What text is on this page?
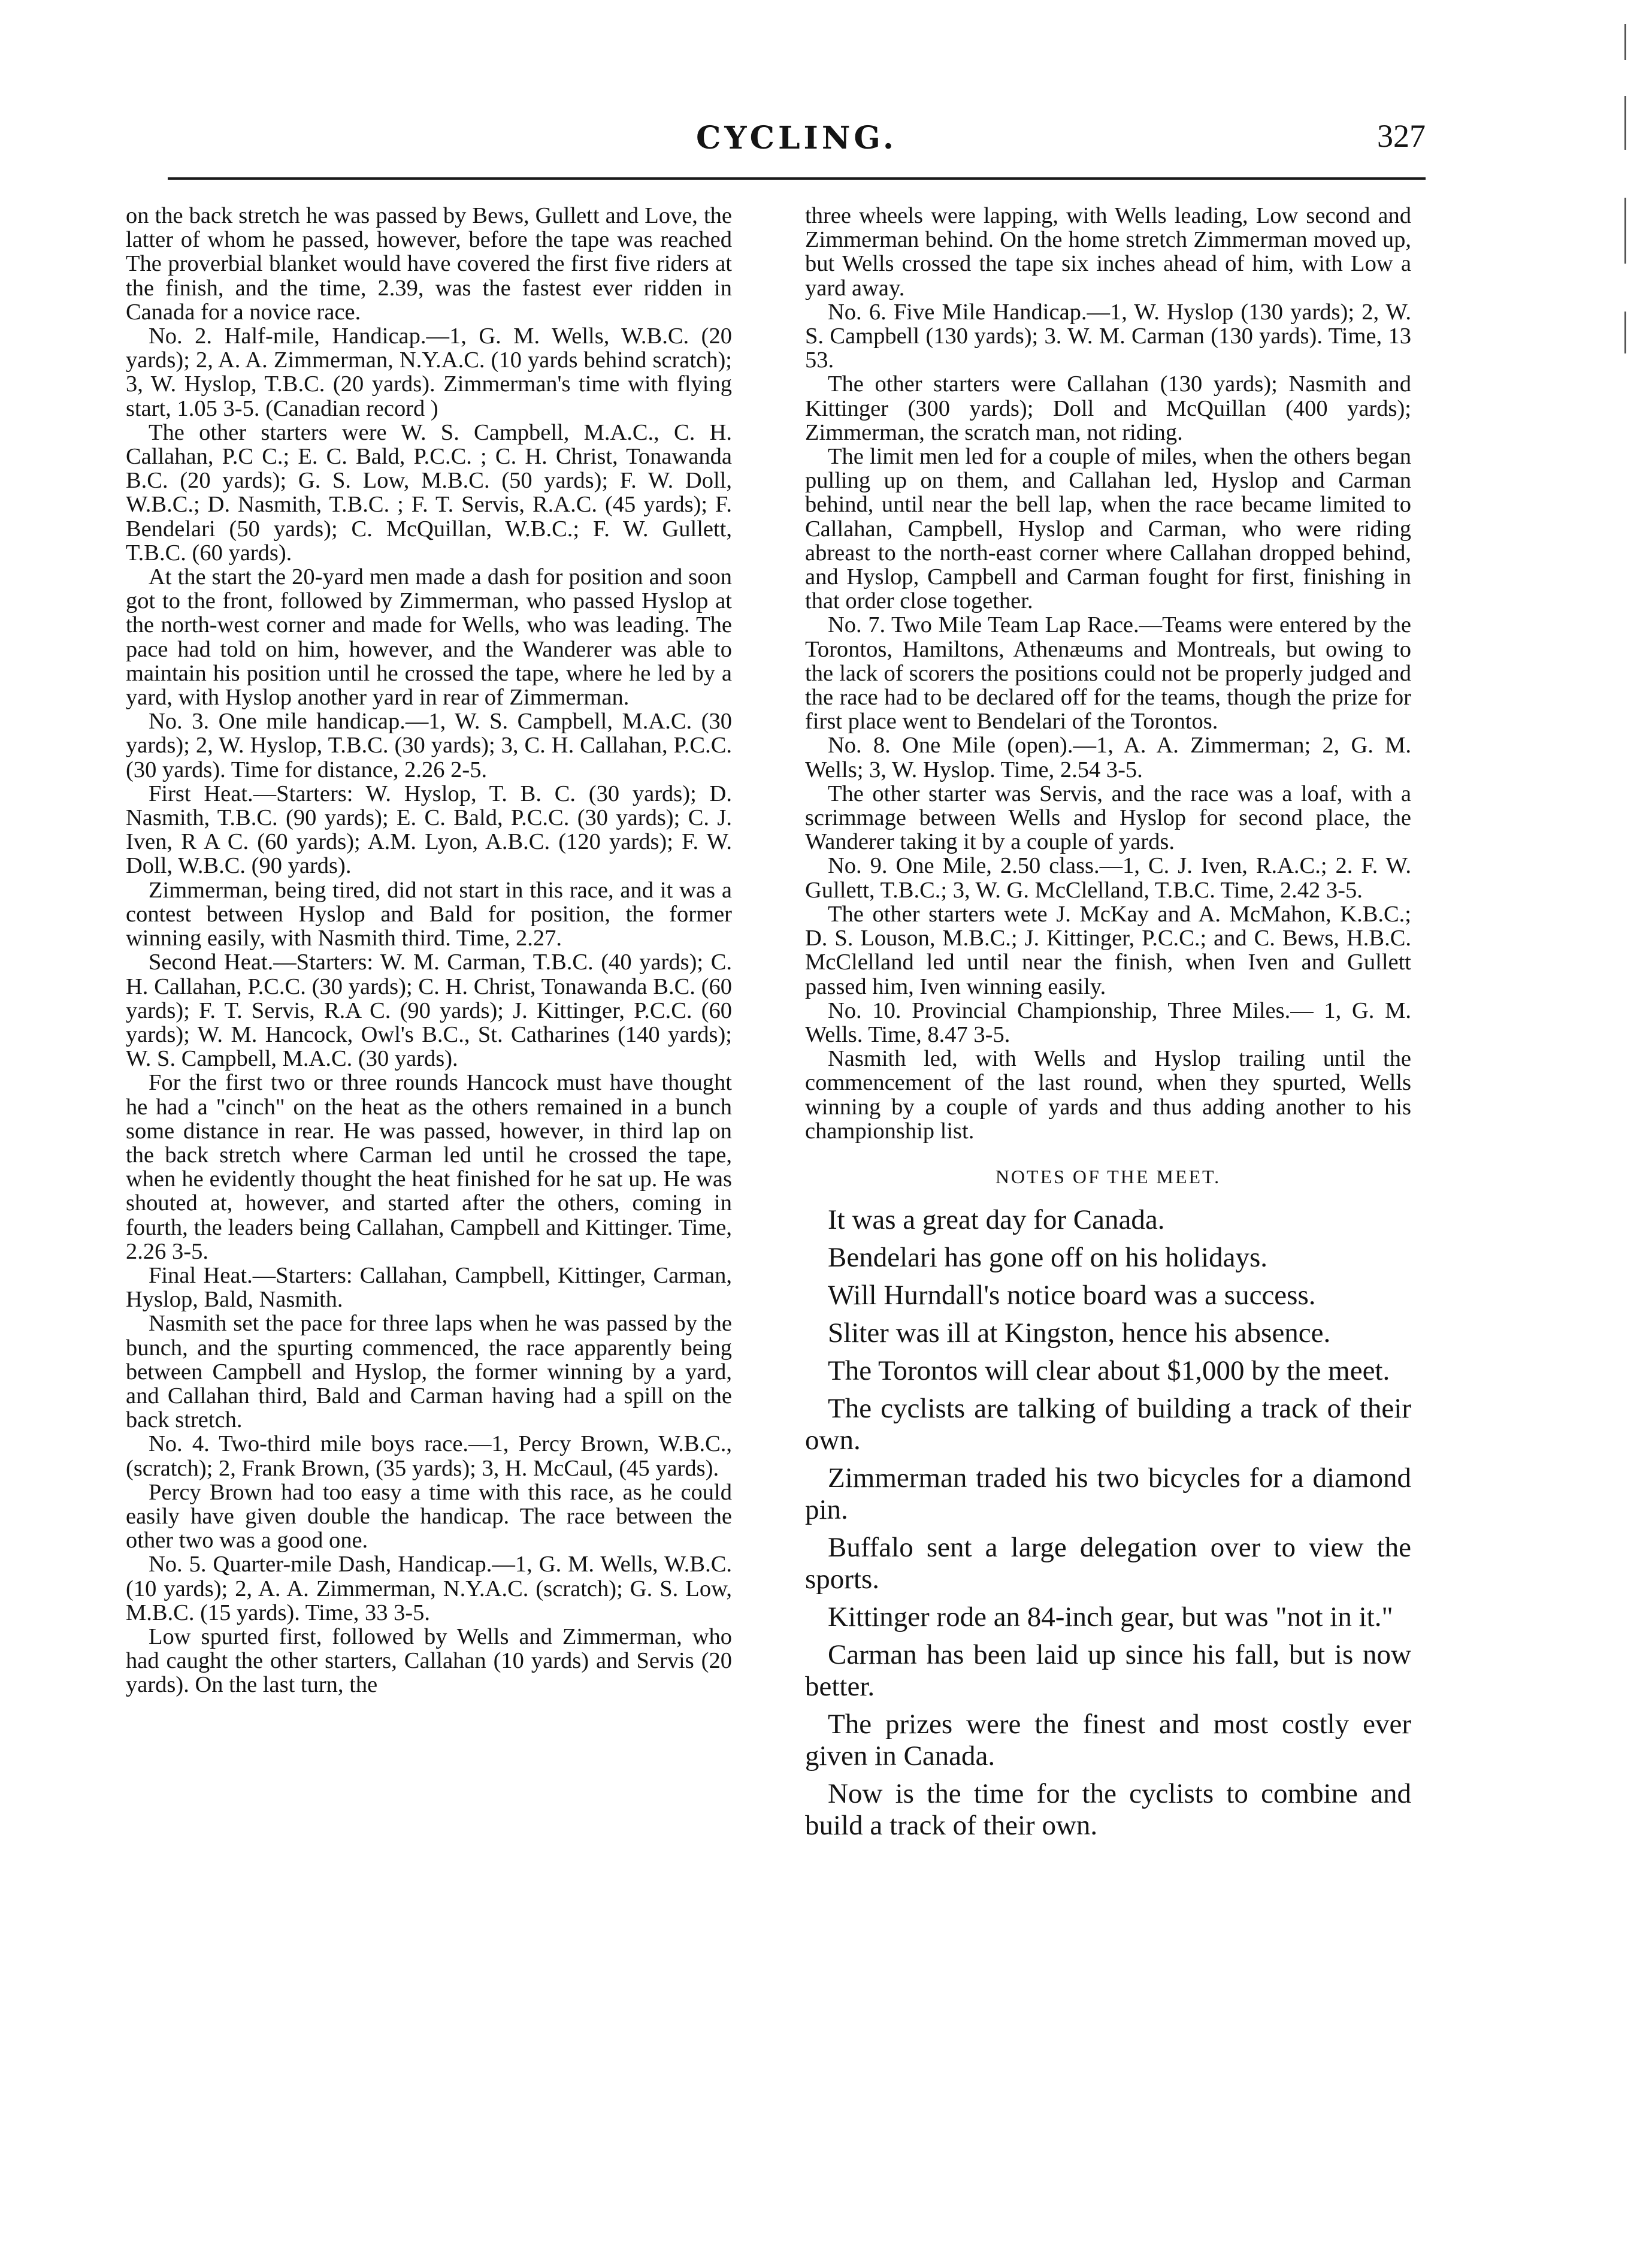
CYCLING.	327

on the back stretch he was passed by Bews, Gullett and Love, the latter of whom he passed, however, before the tape was reached The proverbial blanket would have covered the first five riders at the finish, and the time, 2.39, was the fastest ever ridden in Canada for a novice race.

No. 2. Half-mile, Handicap.—1, G. M. Wells, W.B.C. (20 yards); 2, A. A. Zimmerman, N.Y.A.C. (10 yards behind scratch); 3, W. Hyslop, T.B.C. (20 yards). Zimmerman's time with flying start, 1.05 3-5. (Canadian record )

The other starters were W. S. Campbell, M.A.C., C. H. Callahan, P.C C.; E. C. Bald, P.C.C. ; C. H. Christ, Tonawanda B.C. (20 yards); G. S. Low, M.B.C. (50 yards); F. W. Doll, W.B.C.; D. Nasmith, T.B.C. ; F. T. Servis, R.A.C. (45 yards); F. Bendelari (50 yards); C. McQuillan, W.B.C.; F. W. Gullett, T.B.C. (60 yards).

At the start the 20-yard men made a dash for position and soon got to the front, followed by Zimmerman, who passed Hyslop at the north-west corner and made for Wells, who was leading. The pace had told on him, however, and the Wanderer was able to maintain his position until he crossed the tape, where he led by a yard, with Hyslop another yard in rear of Zimmerman.

No. 3. One mile handicap.—1, W. S. Campbell, M.A.C. (30 yards); 2, W. Hyslop, T.B.C. (30 yards); 3, C. H. Callahan, P.C.C. (30 yards). Time for distance, 2.26 2-5.

First Heat.—Starters: W. Hyslop, T. B. C. (30 yards); D. Nasmith, T.B.C. (90 yards); E. C. Bald, P.C.C. (30 yards); C. J. Iven, R A C. (60 yards); A.M. Lyon, A.B.C. (120 yards); F. W. Doll, W.B.C. (90 yards).

Zimmerman, being tired, did not start in this race, and it was a contest between Hyslop and Bald for position, the former winning easily, with Nasmith third. Time, 2.27.

Second Heat.—Starters: W. M. Carman, T.B.C. (40 yards); C. H. Callahan, P.C.C. (30 yards); C. H. Christ, Tonawanda B.C. (60 yards); F. T. Servis, R.A C. (90 yards); J. Kittinger, P.C.C. (60 yards); W. M. Hancock, Owl's B.C., St. Catharines (140 yards); W. S. Campbell, M.A.C. (30 yards).

For the first two or three rounds Hancock must have thought he had a "cinch" on the heat as the others remained in a bunch some distance in rear. He was passed, however, in third lap on the back stretch where Carman led until he crossed the tape, when he evidently thought the heat finished for he sat up. He was shouted at, however, and started after the others, coming in fourth, the leaders being Callahan, Campbell and Kittinger. Time, 2.26 3-5.

Final Heat.—Starters: Callahan, Campbell, Kittinger, Carman, Hyslop, Bald, Nasmith.

Nasmith set the pace for three laps when he was passed by the bunch, and the spurting commenced, the race apparently being between Campbell and Hyslop, the former winning by a yard, and Callahan third, Bald and Carman having had a spill on the back stretch.

No. 4. Two-third mile boys race.—1, Percy Brown, W.B.C., (scratch); 2, Frank Brown, (35 yards); 3, H. McCaul, (45 yards).

Percy Brown had too easy a time with this race, as he could easily have given double the handicap. The race between the other two was a good one.

No. 5. Quarter-mile Dash, Handicap.—1, G. M. Wells, W.B.C. (10 yards); 2, A. A. Zimmerman, N.Y.A.C. (scratch); G. S. Low, M.B.C. (15 yards). Time, 33 3-5.

Low spurted first, followed by Wells and Zimmerman, who had caught the other starters, Callahan (10 yards) and Servis (20 yards). On the last turn, the

three wheels were lapping, with Wells leading, Low second and Zimmerman behind. On the home stretch Zimmerman moved up, but Wells crossed the tape six inches ahead of him, with Low a yard away.

No. 6. Five Mile Handicap.—1, W. Hyslop (130 yards); 2, W. S. Campbell (130 yards); 3. W. M. Carman (130 yards). Time, 13 53.

The other starters were Callahan (130 yards); Nasmith and Kittinger (300 yards); Doll and McQuillan (400 yards); Zimmerman, the scratch man, not riding.

The limit men led for a couple of miles, when the others began pulling up on them, and Callahan led, Hyslop and Carman behind, until near the bell lap, when the race became limited to Callahan, Campbell, Hyslop and Carman, who were riding abreast to the north-east corner where Callahan dropped behind, and Hyslop, Campbell and Carman fought for first, finishing in that order close together.

No. 7. Two Mile Team Lap Race.—Teams were entered by the Torontos, Hamiltons, Athenæums and Montreals, but owing to the lack of scorers the positions could not be properly judged and the race had to be declared off for the teams, though the prize for first place went to Bendelari of the Torontos.

No. 8. One Mile (open).—1, A. A. Zimmerman; 2, G. M. Wells; 3, W. Hyslop. Time, 2.54 3-5.

The other starter was Servis, and the race was a loaf, with a scrimmage between Wells and Hyslop for second place, the Wanderer taking it by a couple of yards.

No. 9. One Mile, 2.50 class.—1, C. J. Iven, R.A.C.; 2. F. W. Gullett, T.B.C.; 3, W. G. McClelland, T.B.C. Time, 2.42 3-5.

The other starters wete J. McKay and A. McMahon, K.B.C.; D. S. Louson, M.B.C.; J. Kittinger, P.C.C.; and C. Bews, H.B.C. McClelland led until near the finish, when Iven and Gullett passed him, Iven winning easily.

No. 10. Provincial Championship, Three Miles.— 1, G. M. Wells. Time, 8.47 3-5.

Nasmith led, with Wells and Hyslop trailing until the commencement of the last round, when they spurted, Wells winning by a couple of yards and thus adding another to his championship list.

NOTES OF THE MEET.

It was a great day for Canada.

Bendelari has gone off on his holidays.

Will Hurndall's notice board was a success.

Sliter was ill at Kingston, hence his absence.

The Torontos will clear about $1,000 by the meet.

The cyclists are talking of building a track of their own.

Zimmerman traded his two bicycles for a diamond pin.

Buffalo sent a large delegation over to view the sports.

Kittinger rode an 84-inch gear, but was "not in it."

Carman has been laid up since his fall, but is now better.

The prizes were the finest and most costly ever given in Canada.

Now is the time for the cyclists to combine and build a track of their own.
